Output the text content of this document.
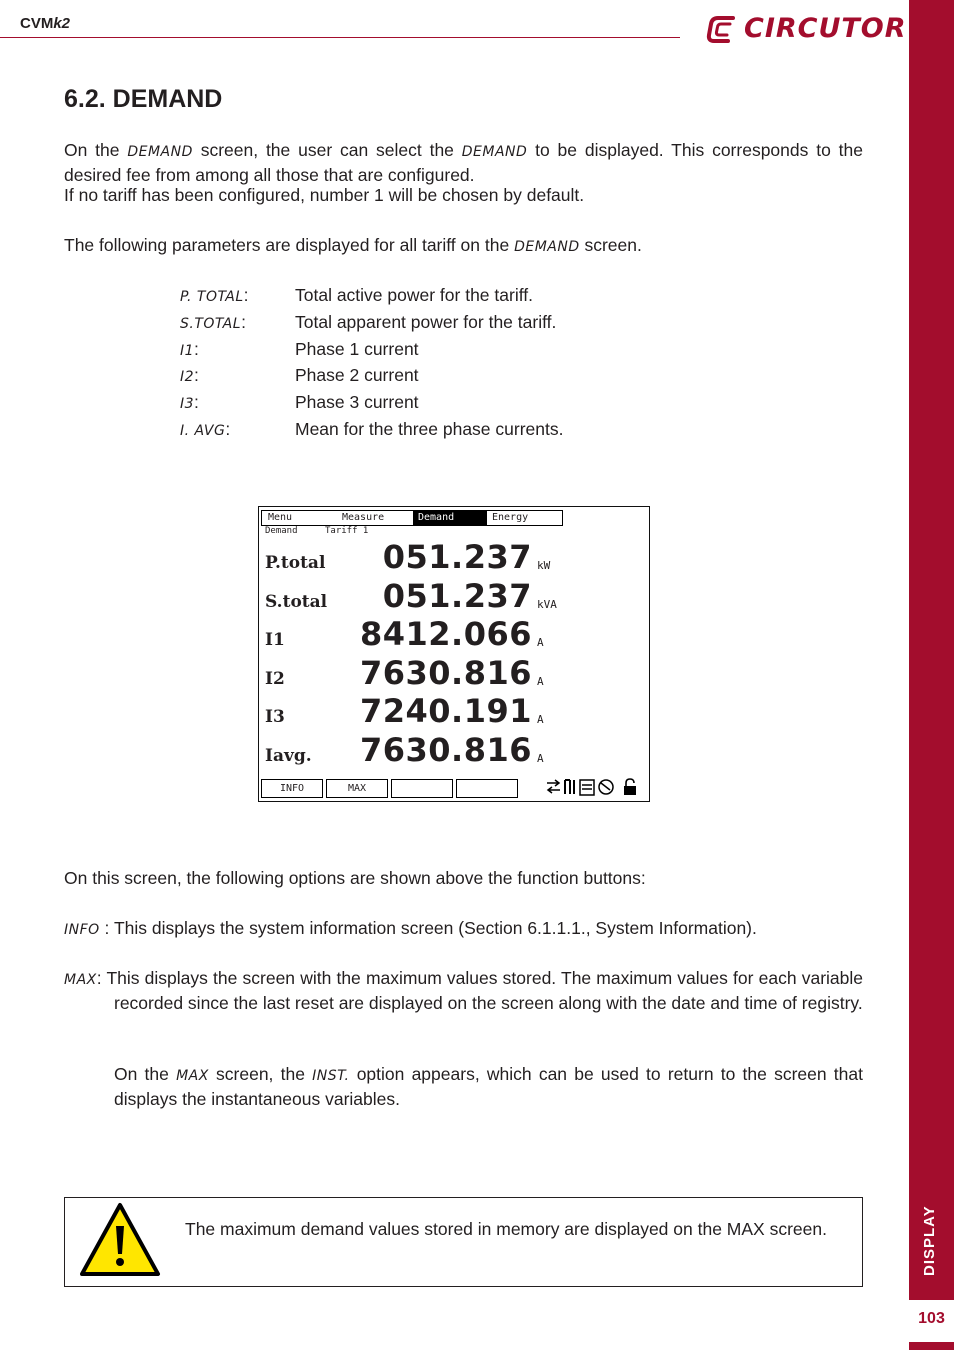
CVMk2	CIRCUTOR
DISPLAY
103
6.2. DEMAND
On the DEMAND screen, the user can select the DEMAND to be displayed. This corresponds to the desired fee from among all those that are configured.
If no tariff has been configured, number 1 will be chosen by default.
The following parameters are displayed for all tariff on the DEMAND screen.
P. TOTAL:	Total active power for the tariff.
S.TOTAL:	Total apparent power for the tariff.
I1:	Phase 1 current
I2:	Phase 2 current
I3:	Phase 3 current
I. AVG:	Mean for the three phase currents.
Menu	Measure	Demand	Energy
Demand	Tariff 1
P.total 051.237 kW
S.total 051.237 kVA
I1 8412.066 A
I2 7630.816 A
I3 7240.191 A
Iavg. 7630.816 A
INFO	MAX
On this screen, the following options are shown above the function buttons:
INFO : This displays the system information screen (Section 6.1.1.1., System Information).
MAX: This displays the screen with the maximum values stored. The maximum values for each variable recorded since the last reset are displayed on the screen along with the date and time of registry.
On the MAX screen, the INST. option appears, which can be used to return to the screen that displays the instantaneous variables.
The maximum demand values stored in memory are displayed on the MAX screen.
